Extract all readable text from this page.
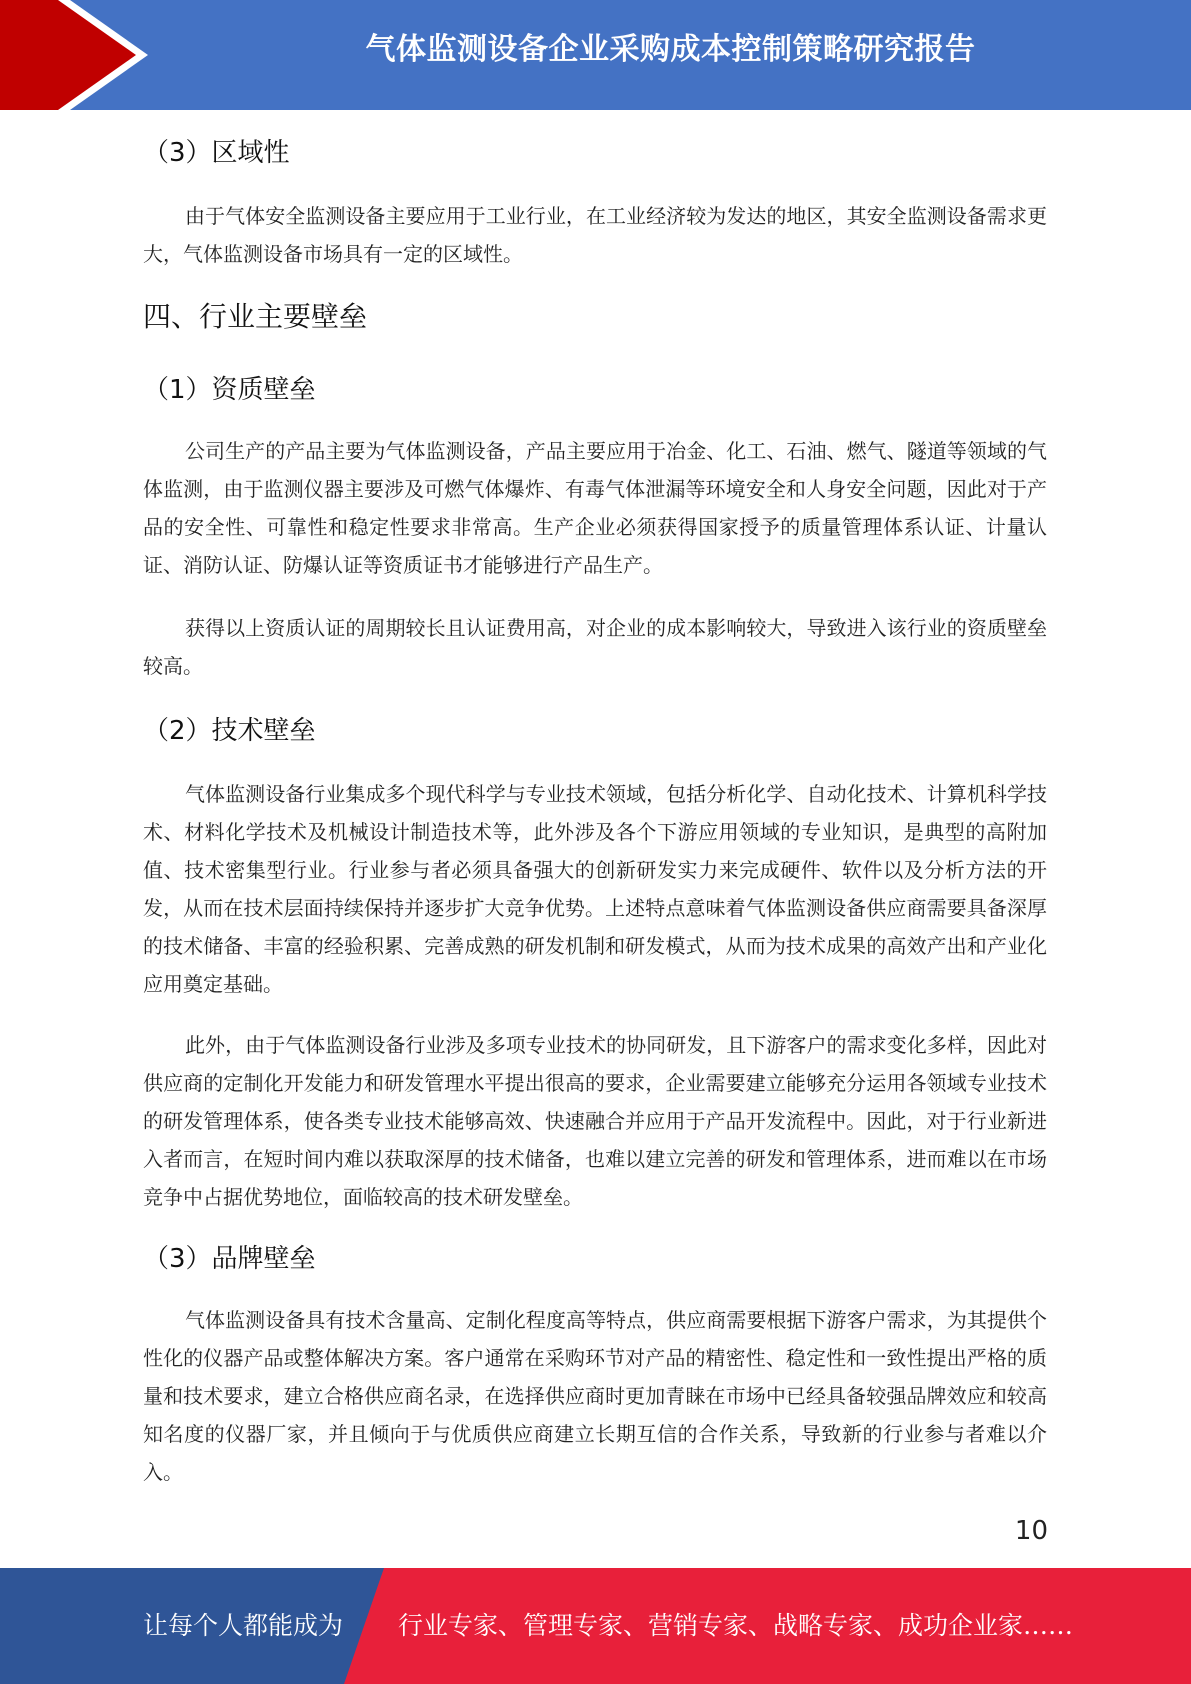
气体监测设备企业采购成本控制策略研究报告
（3）区域性

由于气体安全监测设备主要应用于工业行业，在工业经济较为发达的地区，其安全监测设备需求更大，气体监测设备市场具有一定的区域性。

四、行业主要壁垒
（1）资质壁垒

公司生产的产品主要为气体监测设备，产品主要应用于冶金、化工、石油、燃气、隧道等领域的气体监测，由于监测仪器主要涉及可燃气体爆炸、有毒气体泄漏等环境安全和人身安全问题，因此对于产品的安全性、可靠性和稳定性要求非常高。生产企业必须获得国家授予的质量管理体系认证、计量认证、消防认证、防爆认证等资质证书才能够进行产品生产。

获得以上资质认证的周期较长且认证费用高，对企业的成本影响较大，导致进入该行业的资质壁垒较高。

（2）技术壁垒

气体监测设备行业集成多个现代科学与专业技术领域，包括分析化学、自动化技术、计算机科学技术、材料化学技术及机械设计制造技术等，此外涉及各个下游应用领域的专业知识，是典型的高附加值、技术密集型行业。行业参与者必须具备强大的创新研发实力来完成硬件、软件以及分析方法的开发，从而在技术层面持续保持并逐步扩大竞争优势。上述特点意味着气体监测设备供应商需要具备深厚的技术储备、丰富的经验积累、完善成熟的研发机制和研发模式，从而为技术成果的高效产出和产业化应用奠定基础。

此外，由于气体监测设备行业涉及多项专业技术的协同研发，且下游客户的需求变化多样，因此对供应商的定制化开发能力和研发管理水平提出很高的要求，企业需要建立能够充分运用各领域专业技术的研发管理体系，使各类专业技术能够高效、快速融合并应用于产品开发流程中。因此，对于行业新进入者而言，在短时间内难以获取深厚的技术储备，也难以建立完善的研发和管理体系，进而难以在市场竞争中占据优势地位，面临较高的技术研发壁垒。

（3）品牌壁垒

气体监测设备具有技术含量高、定制化程度高等特点，供应商需要根据下游客户需求，为其提供个性化的仪器产品或整体解决方案。客户通常在采购环节对产品的精密性、稳定性和一致性提出严格的质量和技术要求，建立合格供应商名录，在选择供应商时更加青睐在市场中已经具备较强品牌效应和较高知名度的仪器厂家，并且倾向于与优质供应商建立长期互信的合作关系，导致新的行业参与者难以介入。

10
让每个人都能成为 行业专家、管理专家、营销专家、战略专家、成功企业家……
